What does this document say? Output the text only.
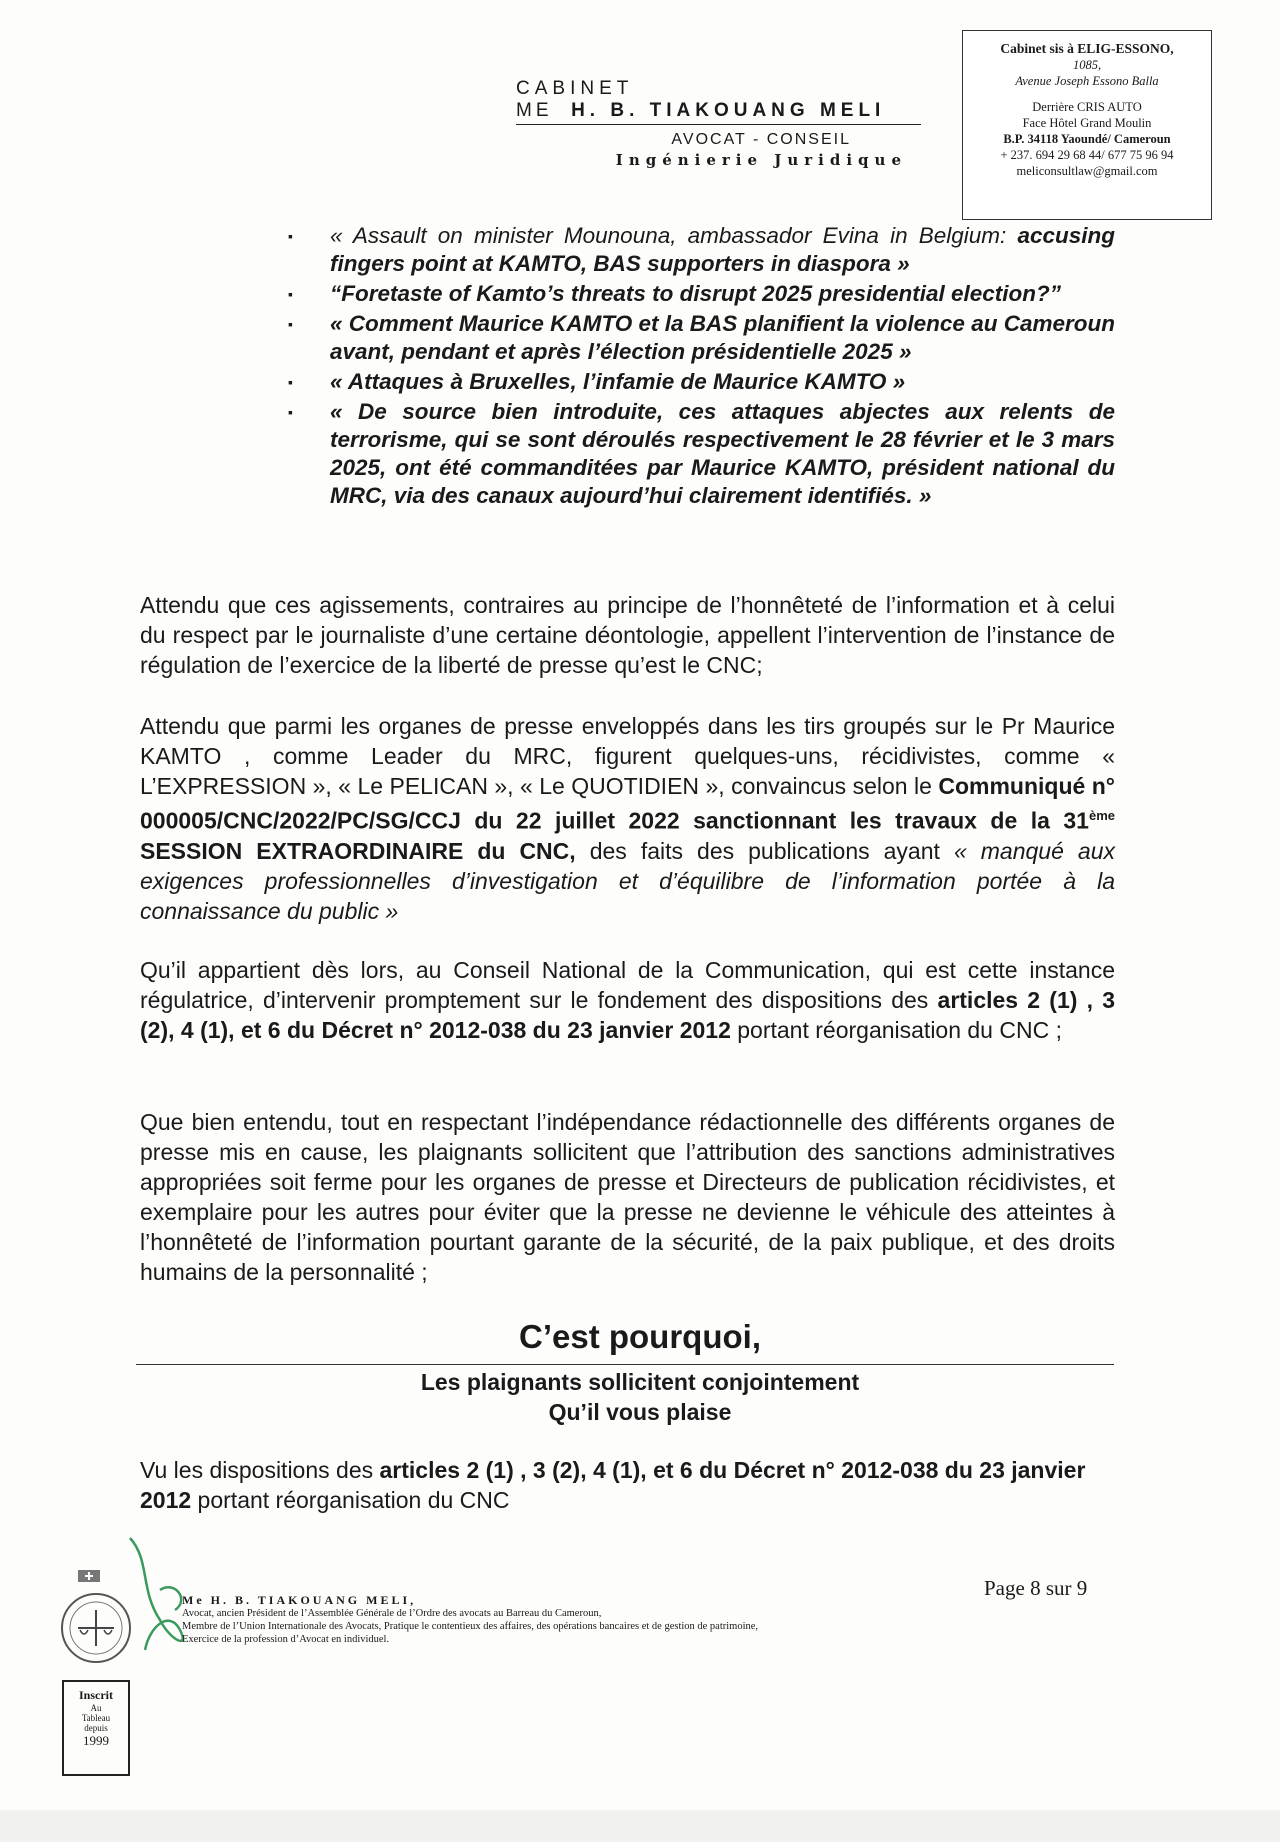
CABINET

ME H. B. TIAKOUANG MELI

AVOCAT - CONSEIL

Ingénierie Juridique

Cabinet sis à ELIG-ESSONO,
1085,
Avenue Joseph Essono Balla
Derrière CRIS AUTO
Face Hôtel Grand Moulin
B.P. 34118 Yaoundé/ Cameroun
+ 237. 694 29 68 44/ 677 75 96 94
meliconsultlaw@gmail.com
▪ « Assault on minister Mounouna, ambassador Evina in Belgium: accusing fingers point at KAMTO, BAS supporters in diaspora »
▪ “Foretaste of Kamto’s threats to disrupt 2025 presidential election?”
▪ « Comment Maurice KAMTO et la BAS planifient la violence au Cameroun avant, pendant et après l’élection présidentielle 2025 »
▪ « Attaques à Bruxelles, l’infamie de Maurice KAMTO »
▪ « De source bien introduite, ces attaques abjectes aux relents de terrorisme, qui se sont déroulés respectivement le 28 février et le 3 mars 2025, ont été commanditées par Maurice KAMTO, président national du MRC, via des canaux aujourd’hui clairement identifiés. »

Attendu que ces agissements, contraires au principe de l’honnêteté de l’information et à celui du respect par le journaliste d’une certaine déontologie, appellent l’intervention de l’instance de régulation de l’exercice de la liberté de presse qu’est le CNC;

Attendu que parmi les organes de presse enveloppés dans les tirs groupés sur le Pr Maurice KAMTO , comme Leader du MRC, figurent quelques-uns, récidivistes, comme « L’EXPRESSION », « Le PELICAN », « Le QUOTIDIEN », convaincus selon le Communiqué n° 000005/CNC/2022/PC/SG/CCJ du 22 juillet 2022 sanctionnant les travaux de la 31ème SESSION EXTRAORDINAIRE du CNC, des faits des publications ayant « manqué aux exigences professionnelles d’investigation et d’équilibre de l’information portée à la connaissance du public »

Qu’il appartient dès lors, au Conseil National de la Communication, qui est cette instance régulatrice, d’intervenir promptement sur le fondement des dispositions des articles 2 (1) , 3 (2), 4 (1), et 6 du Décret n° 2012-038 du 23 janvier 2012 portant réorganisation du CNC ;

Que bien entendu, tout en respectant l’indépendance rédactionnelle des différents organes de presse mis en cause, les plaignants sollicitent que l’attribution des sanctions administratives appropriées soit ferme pour les organes de presse et Directeurs de publication récidivistes, et exemplaire pour les autres pour éviter que la presse ne devienne le véhicule des atteintes à l’honnêteté de l’information pourtant garante de la sécurité, de la paix publique, et des droits humains de la personnalité ;

C’est pourquoi,
Les plaignants sollicitent conjointement
Qu’il vous plaise

Vu les dispositions des articles 2 (1) , 3 (2), 4 (1), et 6 du Décret n° 2012-038 du 23 janvier 2012 portant réorganisation du CNC

Me H. B. TIAKOUANG MELI,
Avocat, ancien Président de l’Assemblée Générale de l’Ordre des avocats au Barreau du Cameroun,
Membre de l’Union Internationale des Avocats, Pratique le contentieux des affaires, des opérations bancaires et de gestion de patrimoine,
Exercice de la profession d’Avocat en individuel.
Page 8 sur 9
Inscrit
Au
Tableau
depuis
1999
